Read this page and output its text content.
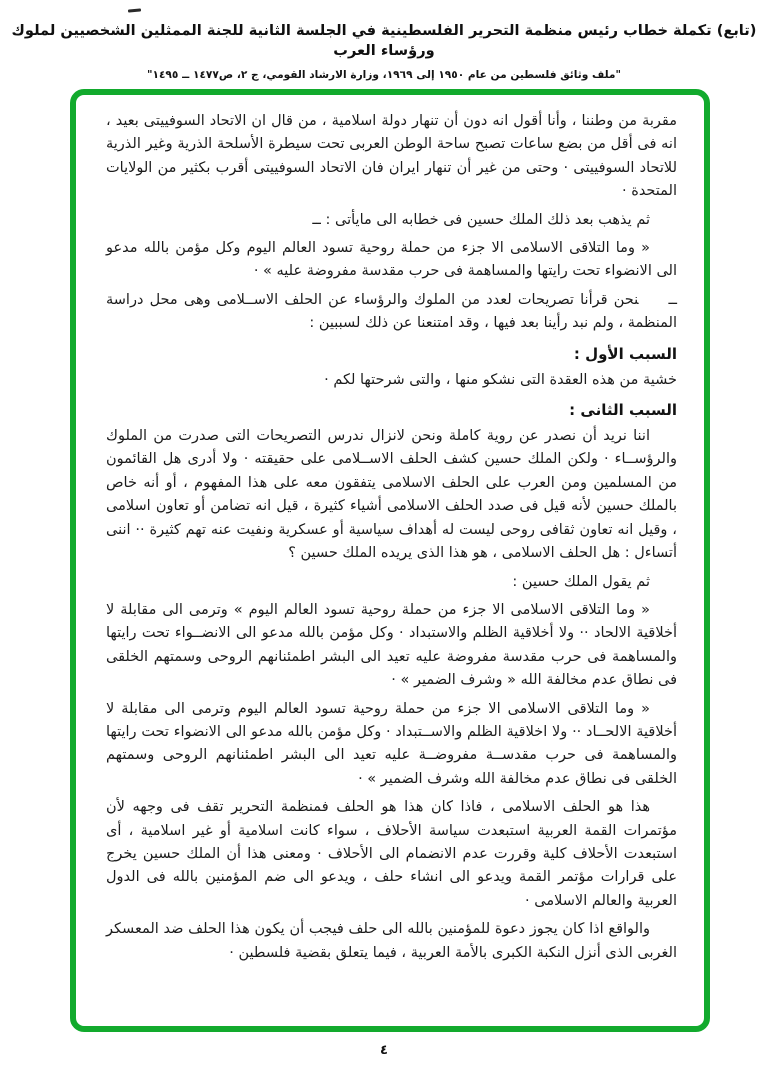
(تابع) تكملة خطاب رئيس منظمة التحرير الفلسطينية في الجلسة الثانية للجنة الممثلين الشخصيين لملوك ورؤساء العرب
"ملف وثائق فلسطين من عام ١٩٥٠ إلى ١٩٦٩، وزارة الارشاد القومي، ج ٢، ص١٤٧٧ ــ ١٤٩٥"

مقربة من وطننا ، وأنا أقول انه دون أن تنهار دولة اسلامية ، من قال ان الاتحاد السوفييتى بعيد ، انه فى أقل من بضع ساعات تصبح ساحة الوطن العربى تحت سيطرة الأسلحة الذرية وغير الذرية للاتحاد السوفييتى · وحتى من غير أن تنهار ايران فان الاتحاد السوفييتى أقرب بكثير من الولايات المتحدة ·

ثم يذهب بعد ذلك الملك حسين فى خطابه الى مايأتى : ــ

« وما التلاقى الاسلامى الا جزء من حملة روحية تسود العالم اليوم وكل مؤمن بالله مدعو الى الانضواء تحت رايتها والمساهمة فى حرب مقدسة مفروضة عليه » ·

ــنحن قرأنا تصريحات لعدد من الملوك والرؤساء عن الحلف الاســلامى وهى محل دراسة المنظمة ، ولم نبد رأينا بعد فيها ، وقد امتنعنا عن ذلك لسببين :

السبب الأول :

خشية من هذه العقدة التى نشكو منها ، والتى شرحتها لكم ·

السبب الثانى :

اننا نريد أن نصدر عن روية كاملة ونحن لانزال ندرس التصريحات التى صدرت من الملوك والرؤســاء · ولكن الملك حسين كشف الحلف الاســلامى على حقيقته · ولا أدرى هل القائمون من المسلمين ومن العرب على الحلف الاسلامى يتفقون معه على هذا المفهوم ، أو أنه خاص بالملك حسين لأنه قيل فى صدد الحلف الاسلامى أشياء كثيرة ، قيل انه تضامن أو تعاون اسلامى ، وقيل انه تعاون ثقافى روحى ليست له أهداف سياسية أو عسكرية ونفيت عنه تهم كثيرة ·· اننى أتساءل : هل الحلف الاسلامى ، هو هذا الذى يريده الملك حسين ؟

ثم يقول الملك حسين :

« وما التلاقى الاسلامى الا جزء من حملة روحية تسود العالم اليوم » وترمى الى مقابلة لا أخلاقية الالحاد ·· ولا أخلاقية الظلم والاستبداد · وكل مؤمن بالله مدعو الى الانضــواء تحت رايتها والمساهمة فى حرب مقدسة مفروضة عليه تعيد الى البشر اطمئنانهم الروحى وسمتهم الخلقى فى نطاق عدم مخالفة الله « وشرف الضمير » ·

« وما التلاقى الاسلامى الا جزء من حملة روحية تسود العالم اليوم وترمى الى مقابلة لا أخلاقية الالحــاد ·· ولا اخلاقية الظلم والاســتبداد · وكل مؤمن بالله مدعو الى الانضواء تحت رايتها والمساهمة فى حرب مقدســة مفروضــة عليه تعيد الى البشر اطمئنانهم الروحى وسمتهم الخلقى فى نطاق عدم مخالفة الله وشرف الضمير » ·

هذا هو الحلف الاسلامى ، فاذا كان هذا هو الحلف فمنظمة التحرير تقف فى وجهه لأن مؤتمرات القمة العربية استبعدت سياسة الأحلاف ، سواء كانت اسلامية أو غير اسلامية ، أى استبعدت الأحلاف كلية وقررت عدم الانضمام الى الأحلاف · ومعنى هذا أن الملك حسين يخرج على قرارات مؤتمر القمة ويدعو الى انشاء حلف ، ويدعو الى ضم المؤمنين بالله فى الدول العربية والعالم الاسلامى ·

والواقع اذا كان يجوز دعوة للمؤمنين بالله الى حلف فيجب أن يكون هذا الحلف ضد المعسكر الغربى الذى أنزل النكبة الكبرى بالأمة العربية ، فيما يتعلق بقضية فلسطين ·

٤
